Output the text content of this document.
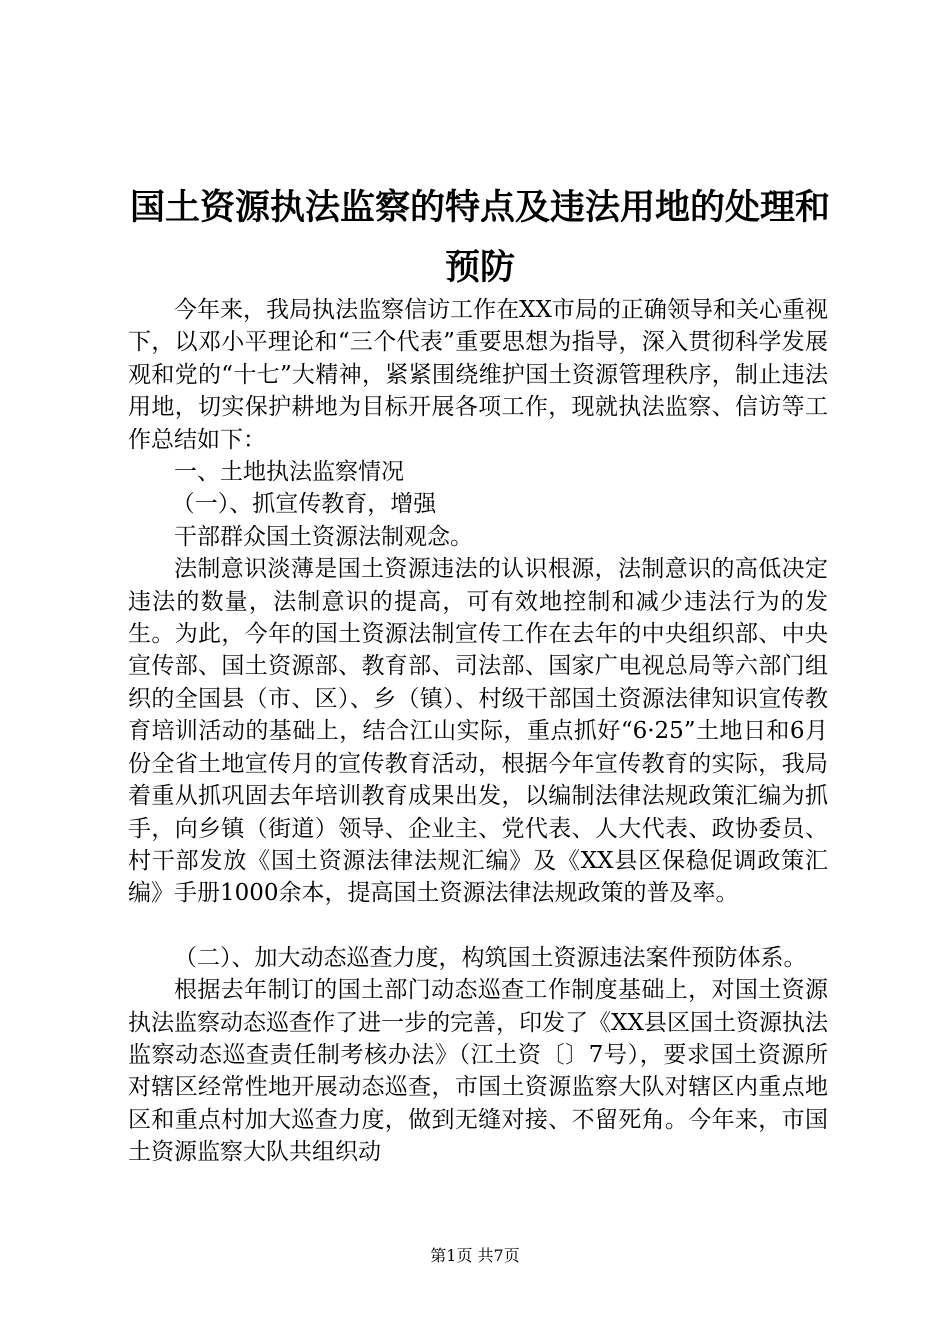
国土资源执法监察的特点及违法用地的处理和
预防

今年来，我局执法监察信访工作在XX市局的正确领导和关心重视下，以邓小平理论和“三个代表”重要思想为指导，深入贯彻科学发展观和党的“十七”大精神，紧紧围绕维护国土资源管理秩序，制止违法用地，切实保护耕地为目标开展各项工作，现就执法监察、信访等工作总结如下：

一、土地执法监察情况

（一）、抓宣传教育，增强

干部群众国土资源法制观念。

法制意识淡薄是国土资源违法的认识根源，法制意识的高低决定违法的数量，法制意识的提高，可有效地控制和减少违法行为的发生。为此，今年的国土资源法制宣传工作在去年的中央组织部、中央宣传部、国土资源部、教育部、司法部、国家广电视总局等六部门组织的全国县（市、区）、乡（镇）、村级干部国土资源法律知识宣传教育培训活动的基础上，结合江山实际，重点抓好“6·25”土地日和6月份全省土地宣传月的宣传教育活动，根据今年宣传教育的实际，我局着重从抓巩固去年培训教育成果出发，以编制法律法规政策汇编为抓手，向乡镇（街道）领导、企业主、党代表、人大代表、政协委员、村干部发放《国土资源法律法规汇编》及《XX县区保稳促调政策汇编》手册1000余本，提高国土资源法律法规政策的普及率。

（二）、加大动态巡查力度，构筑国土资源违法案件预防体系。

根据去年制订的国土部门动态巡查工作制度基础上，对国土资源执法监察动态巡查作了进一步的完善，印发了《XX县区国土资源执法监察动态巡查责任制考核办法》（江土资〔〕7号），要求国土资源所对辖区经常性地开展动态巡查，市国土资源监察大队对辖区内重点地区和重点村加大巡查力度，做到无缝对接、不留死角。今年来，市国土资源监察大队共组织动

第1页 共7页
